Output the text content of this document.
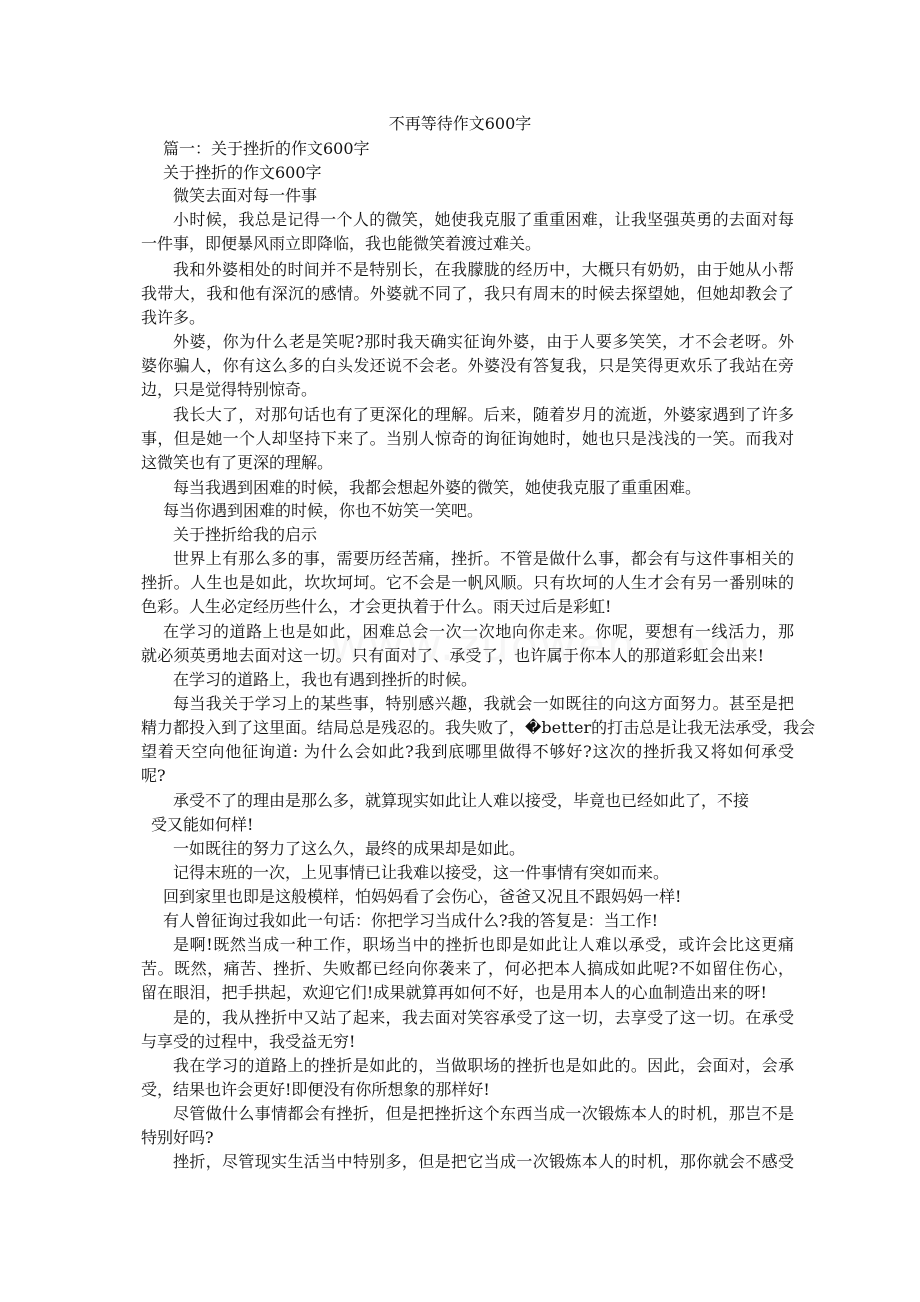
不再等待作文600字
篇一：关于挫折的作文600字
关于挫折的作文600字
微笑去面对每一件事
小时候，我总是记得一个人的微笑，她使我克服了重重困难，让我坚强英勇的去面对每
一件事，即便暴风雨立即降临，我也能微笑着渡过难关。
我和外婆相处的时间并不是特别长，在我朦胧的经历中，大概只有奶奶，由于她从小帮
我带大，我和他有深沉的感情。外婆就不同了，我只有周末的时候去探望她，但她却教会了
我许多。
外婆，你为什么老是笑呢?那时我天确实征询外婆，由于人要多笑笑，才不会老呀。外
婆你骗人，你有这么多的白头发还说不会老。外婆没有答复我，只是笑得更欢乐了我站在旁
边，只是觉得特别惊奇。
我长大了，对那句话也有了更深化的理解。后来，随着岁月的流逝，外婆家遇到了许多
事，但是她一个人却坚持下来了。当别人惊奇的询征询她时，她也只是浅浅的一笑。而我对
这微笑也有了更深的理解。
每当我遇到困难的时候，我都会想起外婆的微笑，她使我克服了重重困难。
每当你遇到困难的时候，你也不妨笑一笑吧。
关于挫折给我的启示
世界上有那么多的事，需要历经苦痛，挫折。不管是做什么事，都会有与这件事相关的
挫折。人生也是如此，坎坎坷坷。它不会是一帆风顺。只有坎坷的人生才会有另一番别味的
色彩。人生必定经历些什么，才会更执着于什么。雨天过后是彩虹!
在学习的道路上也是如此，困难总会一次一次地向你走来。你呢，要想有一线活力，那
就必须英勇地去面对这一切。只有面对了、承受了，也许属于你本人的那道彩虹会出来!
在学习的道路上，我也有遇到挫折的时候。
每当我关于学习上的某些事，特别感兴趣，我就会一如既往的向这方面努力。甚至是把
精力都投入到了这里面。结局总是残忍的。我失败了，�better的打击总是让我无法承受，我会
望着天空向他征询道: 为什么会如此?我到底哪里做得不够好?这次的挫折我又将如何承受
呢?
承受不了的理由是那么多，就算现实如此让人难以接受，毕竟也已经如此了，不接
受又能如何样!
一如既往的努力了这么久，最终的成果却是如此。
记得末班的一次，上见事情已让我难以接受，这一件事情有突如而来。
回到家里也即是这般模样，怕妈妈看了会伤心，爸爸又况且不跟妈妈一样!
有人曾征询过我如此一句话：你把学习当成什么?我的答复是：当工作!
是啊!既然当成一种工作，职场当中的挫折也即是如此让人难以承受，或许会比这更痛
苦。既然，痛苦、挫折、失败都已经向你袭来了，何必把本人搞成如此呢?不如留住伤心，
留在眼泪，把手拱起，欢迎它们!成果就算再如何不好，也是用本人的心血制造出来的呀!
是的，我从挫折中又站了起来，我去面对笑容承受了这一切，去享受了这一切。在承受
与享受的过程中，我受益无穷!
我在学习的道路上的挫折是如此的，当做职场的挫折也是如此的。因此，会面对，会承
受，结果也许会更好!即便没有你所想象的那样好!
尽管做什么事情都会有挫折，但是把挫折这个东西当成一次锻炼本人的时机，那岂不是
特别好吗?
挫折，尽管现实生活当中特别多，但是把它当成一次锻炼本人的时机，那你就会不感受
